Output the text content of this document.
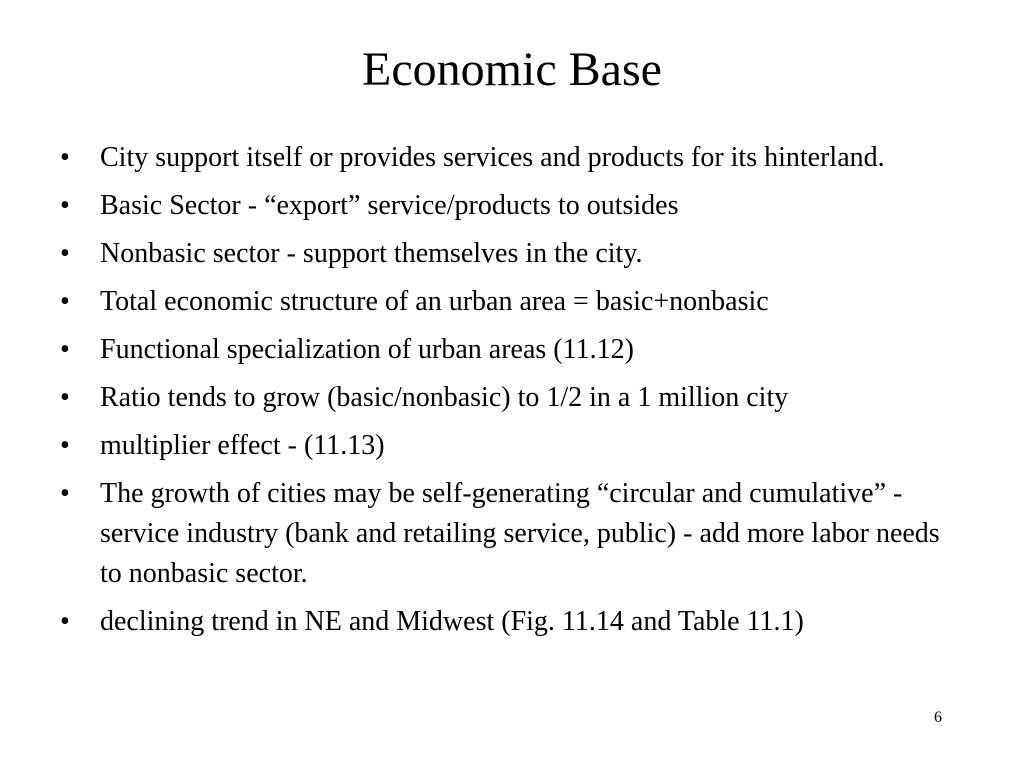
Economic Base
•	City support itself or provides services and products for its hinterland.
•	Basic Sector - “export” service/products to outsides
•	Nonbasic sector - support themselves in the city.
•	Total economic structure of an urban area = basic+nonbasic
•	Functional specialization of urban areas (11.12)
•	Ratio tends to grow (basic/nonbasic) to 1/2 in a 1 million city
•	multiplier effect - (11.13)
•	The growth of cities may be self-generating “circular and cumulative” -service industry (bank and retailing service, public) - add more labor needs to nonbasic sector.
•	declining trend in NE and Midwest (Fig. 11.14 and Table 11.1)
6
